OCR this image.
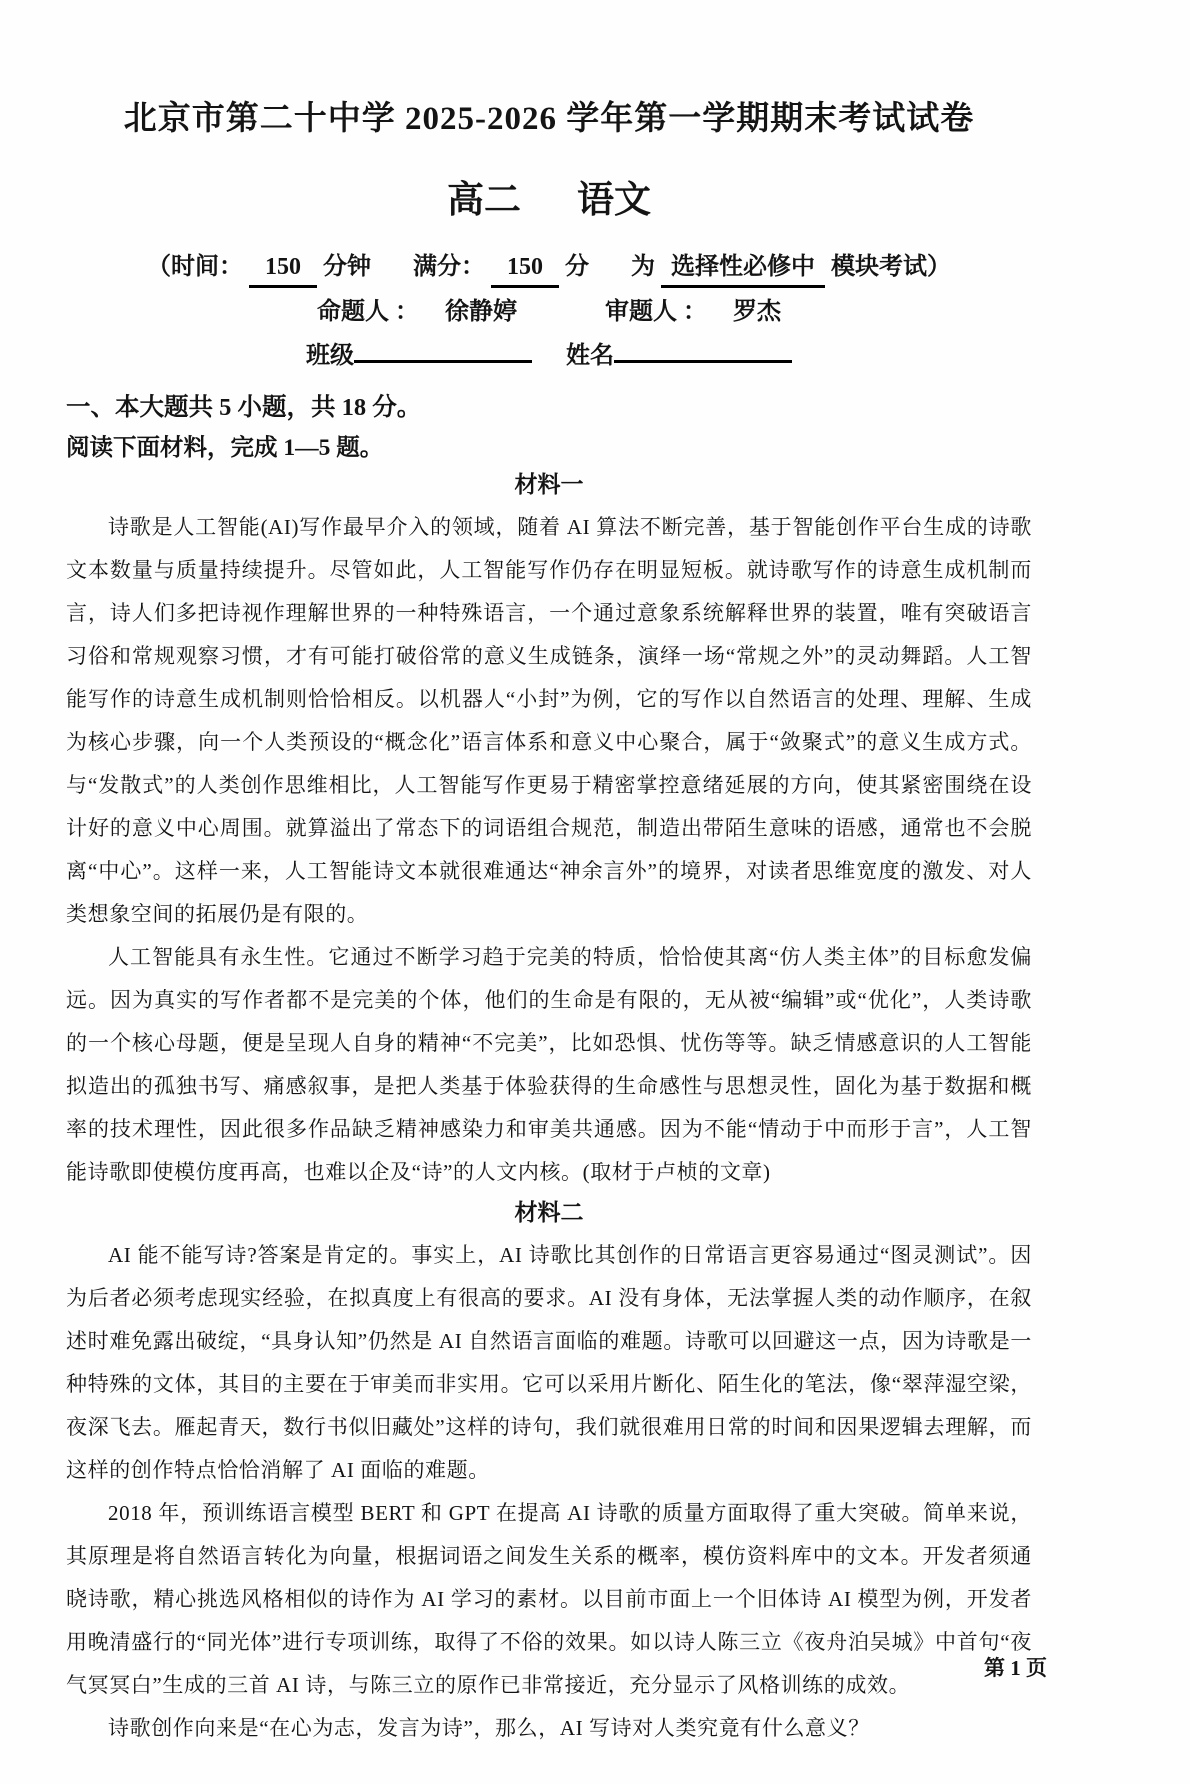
北京市第二十中学 2025-2026 学年第一学期期末考试试卷
高二 语文
（时间： 150 分钟 满分： 150 分 为 选择性必修中 模块考试）
命题人 ： 徐静婷	审题人 ： 罗杰
班级	姓名
一、本大题共 5 小题，共 18 分。
阅读下面材料，完成 1—5 题。
材料一

诗歌是人工智能(AI)写作最早介入的领域，随着 AI 算法不断完善，基于智能创作平台生成的诗歌文本数量与质量持续提升。尽管如此，人工智能写作仍存在明显短板。就诗歌写作的诗意生成机制而言，诗人们多把诗视作理解世界的一种特殊语言，一个通过意象系统解释世界的装置，唯有突破语言习俗和常规观察习惯，才有可能打破俗常的意义生成链条，演绎一场“常规之外”的灵动舞蹈。人工智能写作的诗意生成机制则恰恰相反。以机器人“小封”为例，它的写作以自然语言的处理、理解、生成为核心步骤，向一个人类预设的“概念化”语言体系和意义中心聚合，属于“敛聚式”的意义生成方式。与“发散式”的人类创作思维相比，人工智能写作更易于精密掌控意绪延展的方向，使其紧密围绕在设计好的意义中心周围。就算溢出了常态下的词语组合规范，制造出带陌生意味的语感，通常也不会脱离“中心”。这样一来，人工智能诗文本就很难通达“神余言外”的境界，对读者思维宽度的激发、对人类想象空间的拓展仍是有限的。

人工智能具有永生性。它通过不断学习趋于完美的特质，恰恰使其离“仿人类主体”的目标愈发偏远。因为真实的写作者都不是完美的个体，他们的生命是有限的，无从被“编辑”或“优化”，人类诗歌的一个核心母题，便是呈现人自身的精神“不完美”，比如恐惧、忧伤等等。缺乏情感意识的人工智能拟造出的孤独书写、痛感叙事，是把人类基于体验获得的生命感性与思想灵性，固化为基于数据和概率的技术理性，因此很多作品缺乏精神感染力和审美共通感。因为不能“情动于中而形于言”，人工智能诗歌即使模仿度再高，也难以企及“诗”的人文内核。(取材于卢桢的文章)

材料二

AI 能不能写诗?答案是肯定的。事实上，AI 诗歌比其创作的日常语言更容易通过“图灵测试”。因为后者必须考虑现实经验，在拟真度上有很高的要求。AI 没有身体，无法掌握人类的动作顺序，在叙述时难免露出破绽，“具身认知”仍然是 AI 自然语言面临的难题。诗歌可以回避这一点，因为诗歌是一种特殊的文体，其目的主要在于审美而非实用。它可以采用片断化、陌生化的笔法，像“翠萍湿空梁，夜深飞去。雁起青天，数行书似旧藏处”这样的诗句，我们就很难用日常的时间和因果逻辑去理解，而这样的创作特点恰恰消解了 AI 面临的难题。

2018 年，预训练语言模型 BERT 和 GPT 在提高 AI 诗歌的质量方面取得了重大突破。简单来说，其原理是将自然语言转化为向量，根据词语之间发生关系的概率，模仿资料库中的文本。开发者须通晓诗歌，精心挑选风格相似的诗作为 AI 学习的素材。以目前市面上一个旧体诗 AI 模型为例，开发者用晚清盛行的“同光体”进行专项训练，取得了不俗的效果。如以诗人陈三立《夜舟泊吴城》中首句“夜气冥冥白”生成的三首 AI 诗，与陈三立的原作已非常接近，充分显示了风格训练的成效。

诗歌创作向来是“在心为志，发言为诗”，那么，AI 写诗对人类究竟有什么意义？

第 1 页
